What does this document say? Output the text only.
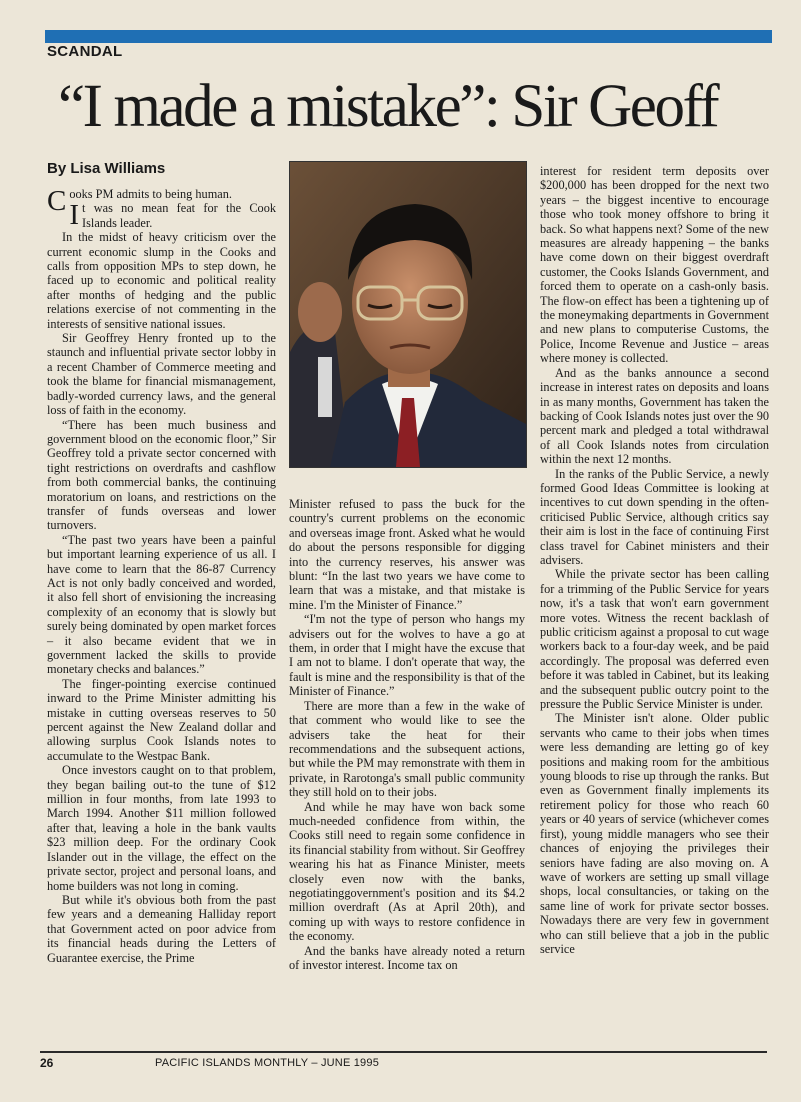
SCANDAL
“I made a mistake”: Sir Geoff
By Lisa Williams

Cooks PM admits to being human.

It was no mean feat for the Cook Islands leader.

In the midst of heavy criticism over the current economic slump in the Cooks and calls from opposition MPs to step down, he faced up to economic and political reality after months of hedging and the public relations exercise of not commenting in the interests of sensitive national issues.

Sir Geoffrey Henry fronted up to the staunch and influential private sector lobby in a recent Chamber of Commerce meeting and took the blame for financial mismanagement, badly-worded currency laws, and the general loss of faith in the economy.

“There has been much business and government blood on the economic floor,” Sir Geoffrey told a private sector concerned with tight restrictions on overdrafts and cashflow from both commercial banks, the continuing moratorium on loans, and restrictions on the transfer of funds overseas and lower turnovers.

“The past two years have been a painful but important learning experience of us all. I have come to learn that the 86-87 Currency Act is not only badly conceived and worded, it also fell short of envisioning the increasing complexity of an economy that is slowly but surely being dominated by open market forces – it also became evident that we in government lacked the skills to provide monetary checks and balances.”

The finger-pointing exercise continued inward to the Prime Minister admitting his mistake in cutting overseas reserves to 50 percent against the New Zealand dollar and allowing surplus Cook Islands notes to accumulate to the Westpac Bank.

Once investors caught on to that problem, they began bailing out-to the tune of $12 million in four months, from late 1993 to March 1994. Another $11 million followed after that, leaving a hole in the bank vaults $23 million deep. For the ordinary Cook Islander out in the village, the effect on the private sector, project and personal loans, and home builders was not long in coming.

But while it's obvious both from the past few years and a demeaning Halliday report that Government acted on poor advice from its financial heads during the Letters of Guarantee exercise, the Prime

Minister refused to pass the buck for the country's current problems on the economic and overseas image front. Asked what he would do about the persons responsible for digging into the currency reserves, his answer was blunt: “In the last two years we have come to learn that was a mistake, and that mistake is mine. I'm the Minister of Finance.”

“I'm not the type of person who hangs my advisers out for the wolves to have a go at them, in order that I might have the excuse that I am not to blame. I don't operate that way, the fault is mine and the responsibility is that of the Minister of Finance.”

There are more than a few in the wake of that comment who would like to see the advisers take the heat for their recommendations and the subsequent actions, but while the PM may remonstrate with them in private, in Rarotonga's small public community they still hold on to their jobs.

And while he may have won back some much-needed confidence from within, the Cooks still need to regain some confidence in its financial stability from without. Sir Geoffrey wearing his hat as Finance Minister, meets closely even now with the banks, negotiatinggovernment's position and its $4.2 million overdraft (As at April 20th), and coming up with ways to restore confidence in the economy.

And the banks have already noted a return of investor interest. Income tax on

interest for resident term deposits over $200,000 has been dropped for the next two years – the biggest incentive to encourage those who took money offshore to bring it back. So what happens next? Some of the new measures are already happening – the banks have come down on their biggest overdraft customer, the Cooks Islands Government, and forced them to operate on a cash-only basis. The flow-on effect has been a tightening up of the moneymaking departments in Government and new plans to computerise Customs, the Police, Income Revenue and Justice – areas where money is collected.

And as the banks announce a second increase in interest rates on deposits and loans in as many months, Government has taken the backing of Cook Islands notes just over the 90 percent mark and pledged a total withdrawal of all Cook Islands notes from circulation within the next 12 months.

In the ranks of the Public Service, a newly formed Good Ideas Committee is looking at incentives to cut down spending in the often-criticised Public Service, although critics say their aim is lost in the face of continuing First class travel for Cabinet ministers and their advisers.

While the private sector has been calling for a trimming of the Public Service for years now, it's a task that won't earn government more votes. Witness the recent backlash of public criticism against a proposal to cut wage workers back to a four-day week, and be paid accordingly. The proposal was deferred even before it was tabled in Cabinet, but its leaking and the subsequent public outcry point to the pressure the Public Service Minister is under.

The Minister isn't alone. Older public servants who came to their jobs when times were less demanding are letting go of key positions and making room for the ambitious young bloods to rise up through the ranks. But even as Government finally implements its retirement policy for those who reach 60 years or 40 years of service (whichever comes first), young middle managers who see their chances of enjoying the privileges their seniors have fading are also moving on. A wave of workers are setting up small village shops, local consultancies, or taking on the same line of work for private sector bosses. Nowadays there are very few in government who can still believe that a job in the public service

26	PACIFIC ISLANDS MONTHLY – JUNE 1995
